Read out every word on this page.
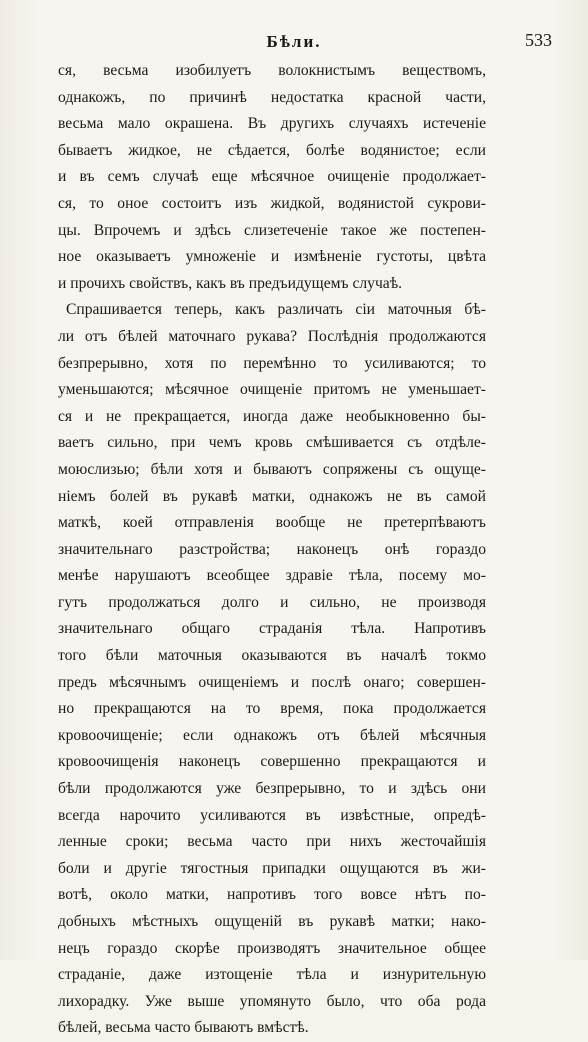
Бѣли.	533
ся, весьма изобилуетъ волокнистымъ веществомъ,
однакожъ, по причинѣ недостатка красной части,
весьма мало окрашена. Въ другихъ случаяхъ истеченіе
бываетъ жидкое, не сѣдается, болѣе водянистое; если
и въ семъ случаѣ еще мѣсячное очищеніе продолжает-
ся, то оное состоитъ изъ жидкой, водянистой сукрови-
цы. Впрочемъ и здѣсь слизетеченіе такое же постепен-
ное оказываетъ умноженіе и измѣненіе густоты, цвѣта
и прочихъ свойствъ, какъ въ предъидущемъ случаѣ.
Спрашивается теперь, какъ различать сіи маточныя бѣ-
ли отъ бѣлей маточнаго рукава? Послѣднія продолжаются
безпрерывно, хотя по перемѣнно то усиливаются; то
уменьшаются; мѣсячное очищеніе притомъ не уменьшает-
ся и не прекращается, иногда даже необыкновенно бы-
ваетъ сильно, при чемъ кровь смѣшивается съ отдѣле-
моюслизью; бѣли хотя и бываютъ сопряжены съ ощуще-
ніемъ болей въ рукавѣ матки, однакожъ не въ самой
маткѣ, коей отправленія вообще не претерпѣваютъ
значительнаго разстройства; наконецъ онѣ гораздо
менѣе нарушаютъ всеобщее здравіе тѣла, посему мо-
гутъ продолжаться долго и сильно, не производя
значительнаго общаго страданія тѣла. Напротивъ
того бѣли маточныя оказываются въ началѣ токмо
предъ мѣсячнымъ очищеніемъ и послѣ онаго; совершен-
но прекращаются на то время, пока продолжается
кровоочищеніе; если однакожъ отъ бѣлей мѣсячныя
кровоочищенія наконецъ совершенно прекращаются и
бѣли продолжаются уже безпрерывно, то и здѣсь они
всегда нарочито усиливаются въ извѣстные, опредѣ-
ленные сроки; весьма часто при нихъ жесточайшія
боли и другіе тягостныя припадки ощущаются въ жи-
вотѣ, около матки, напротивъ того вовсе нѣтъ по-
добныхъ мѣстныхъ ощущеній въ рукавѣ матки; нако-
нецъ гораздо скорѣе производятъ значительное общее
страданіе, даже изтощеніе тѣла и изнурительную
лихорадку. Уже выше упомянуто было, что оба рода
бѣлей, весьма часто бываютъ вмѣстѣ.
